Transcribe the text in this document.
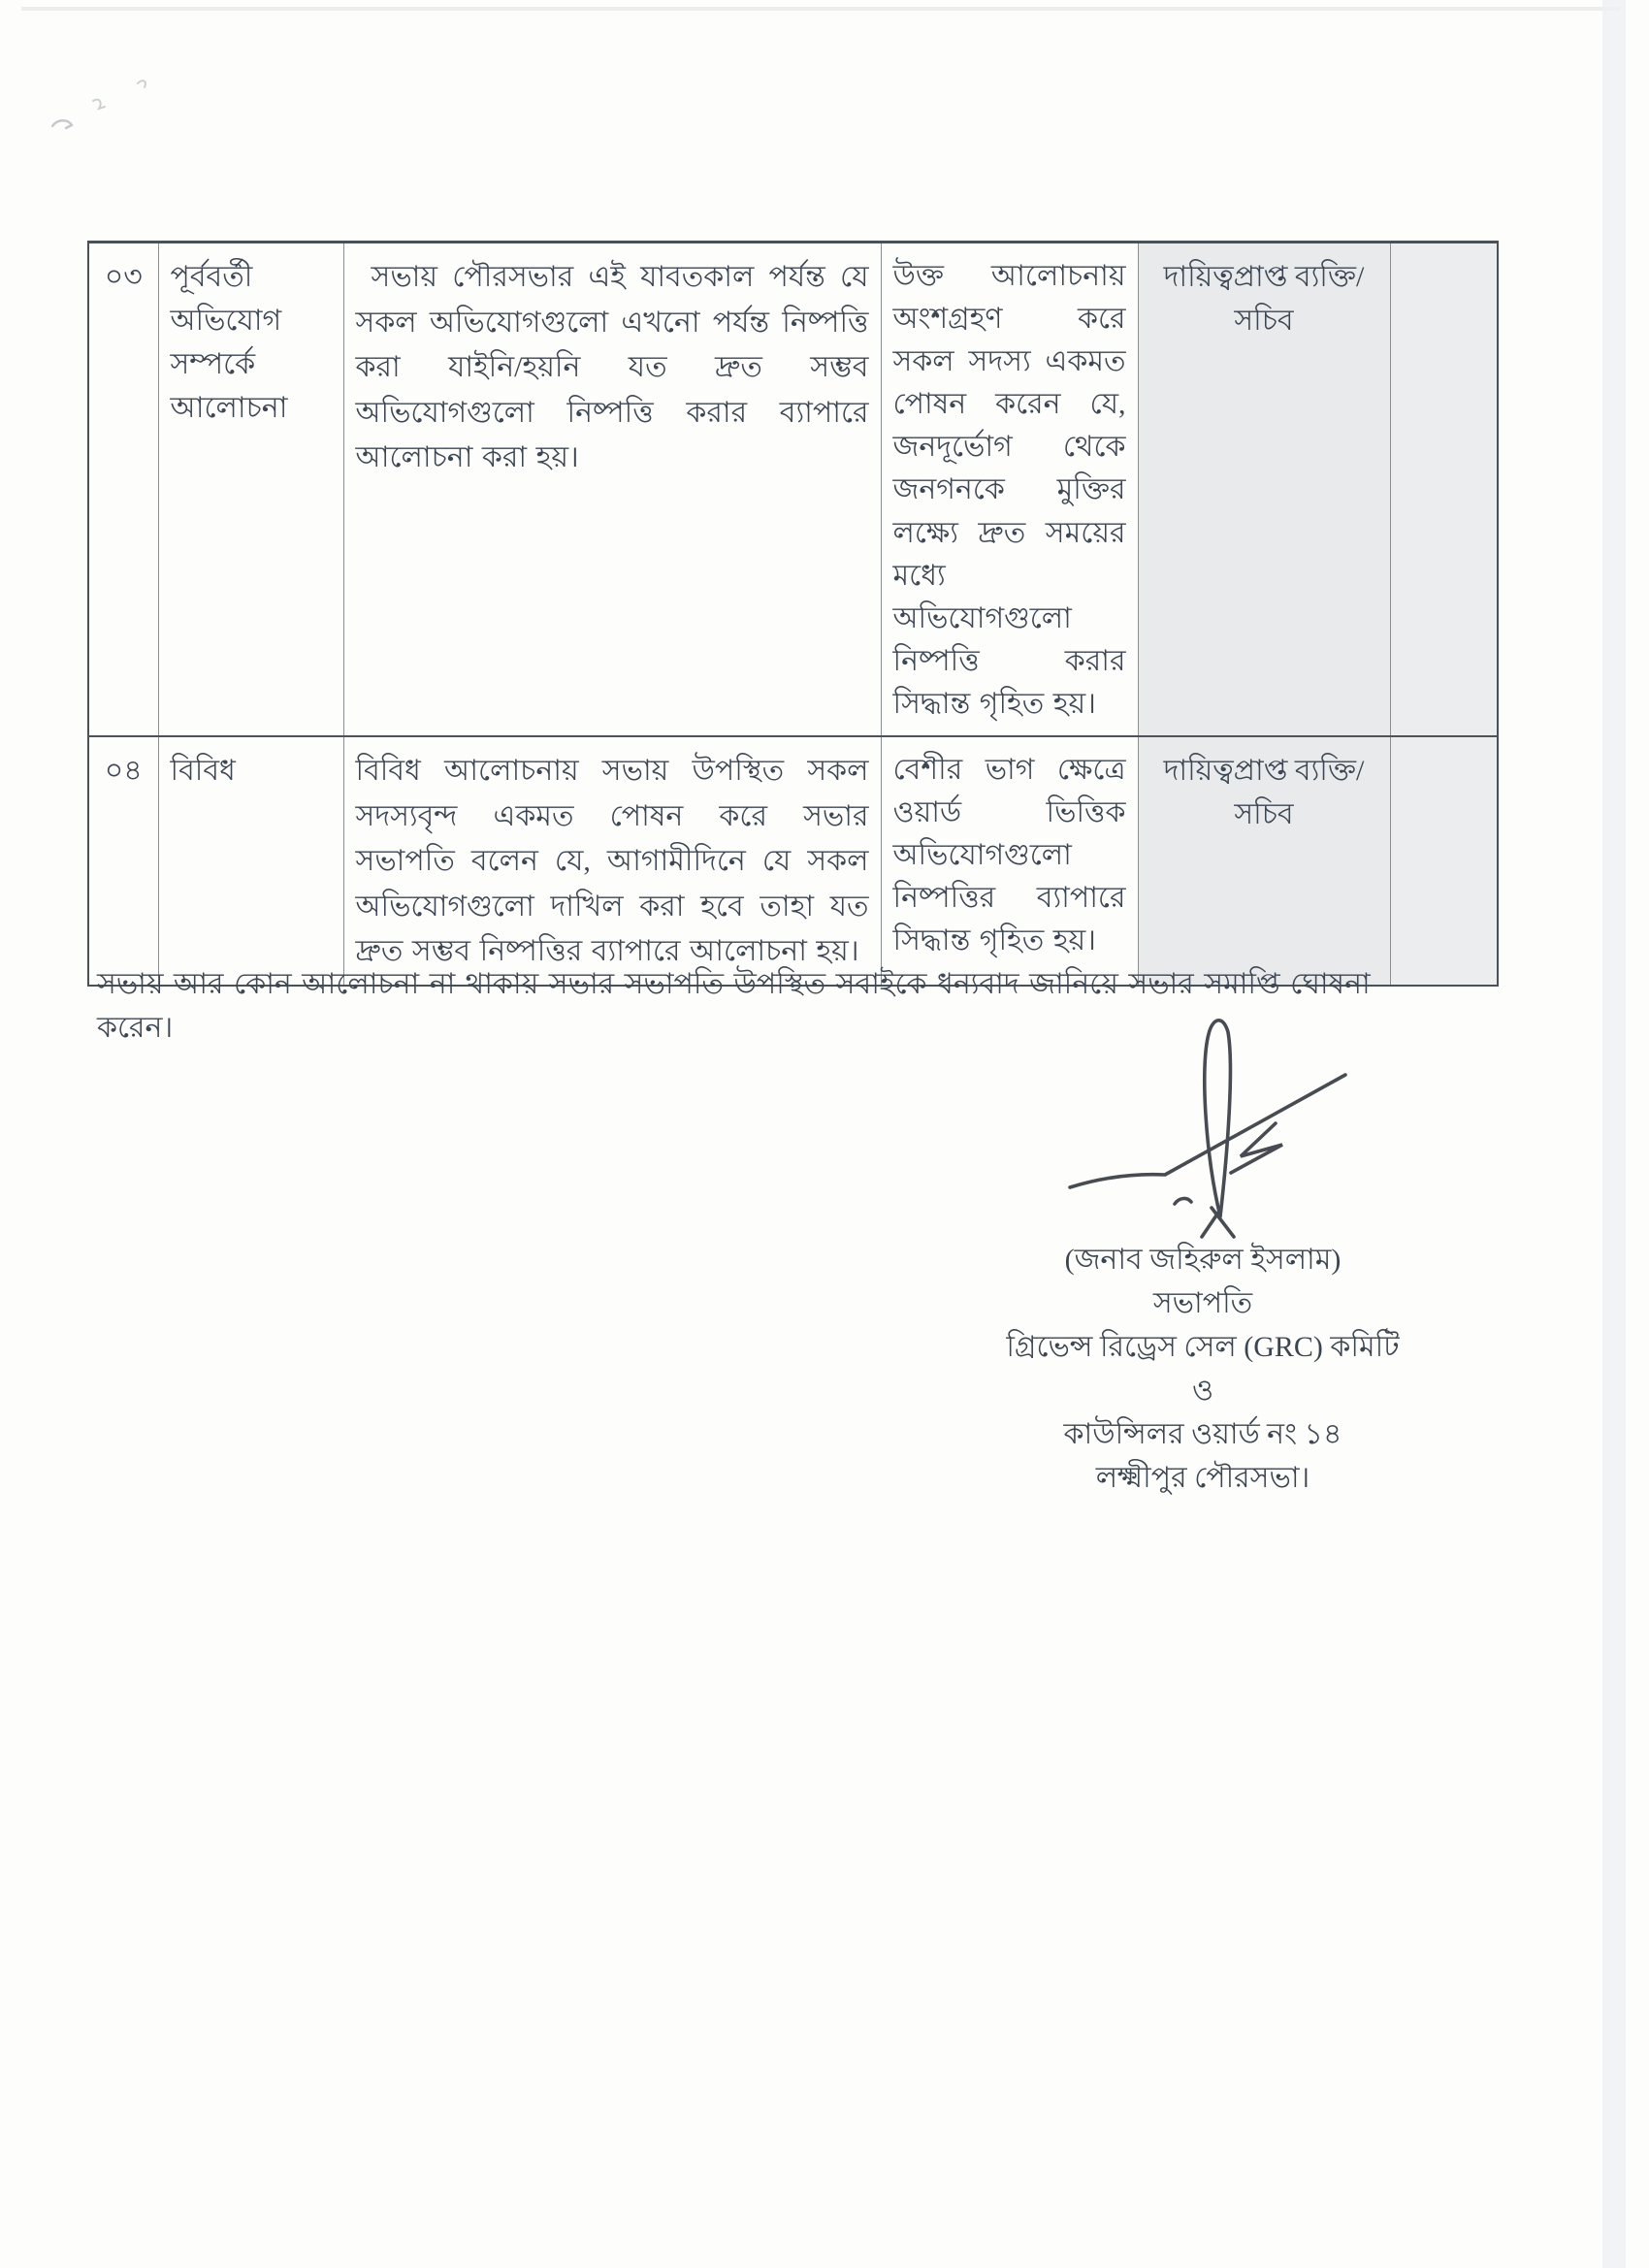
০৩	পূর্ববর্তী অভিযোগ সম্পর্কে আলোচনা	সভায় পৌরসভার এই যাবতকাল পর্যন্ত যে সকল অভিযোগগুলো এখনো পর্যন্ত নিষ্পত্তি করা যাইনি/হয়নি যত দ্রুত সম্ভব অভিযোগগুলো নিষ্পত্তি করার ব্যাপারে আলোচনা করা হয়।	উক্ত আলোচনায় অংশগ্রহণ করে সকল সদস্য একমত পোষন করেন যে, জনদূর্ভোগ থেকে জনগনকে মুক্তির লক্ষ্যে দ্রুত সময়ের মধ্যে অভিযোগগুলো নিষ্পত্তি করার সিদ্ধান্ত গৃহিত হয়।	দায়িত্বপ্রাপ্ত ব্যক্তি/
সচিব	

০৪	বিবিধ	বিবিধ আলোচনায় সভায় উপস্থিত সকল সদস্যবৃন্দ একমত পোষন করে সভার সভাপতি বলেন যে, আগামীদিনে যে সকল অভিযোগগুলো দাখিল করা হবে তাহা যত দ্রুত সম্ভব নিষ্পত্তির ব্যাপারে আলোচনা হয়।	বেশীর ভাগ ক্ষেত্রে ওয়ার্ড ভিত্তিক অভিযোগগুলো নিষ্পত্তির ব্যাপারে সিদ্ধান্ত গৃহিত হয়।	দায়িত্বপ্রাপ্ত ব্যক্তি/
সচিব	

সভায় আর কোন আলোচনা না থাকায় সভার সভাপতি উপস্থিত সবাইকে ধন্যবাদ জানিয়ে সভার সমাপ্তি ঘোষনা করেন।

(জনাব জহিরুল ইসলাম)
সভাপতি
গ্রিভেন্স রিড্রেস সেল (GRC) কমিটি
ও
কাউন্সিলর ওয়ার্ড নং ১৪
লক্ষ্মীপুর পৌরসভা।
